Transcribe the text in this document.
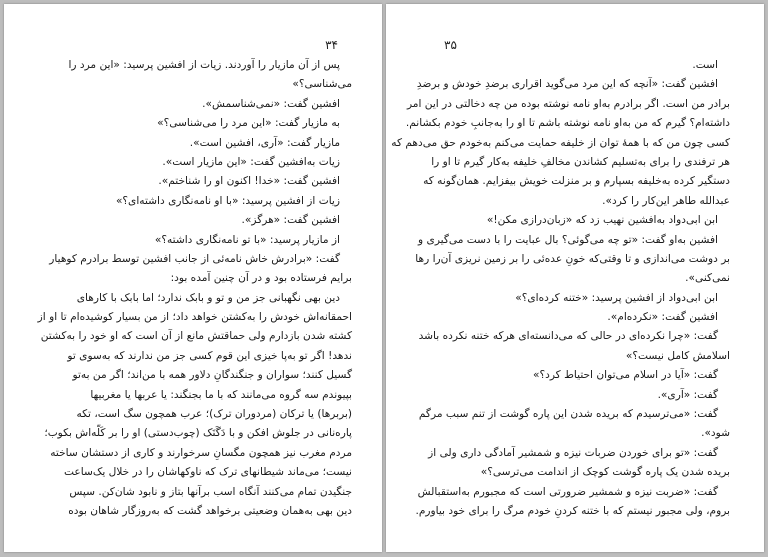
۳۴
پس از آن مازیار را آوردند. زیات از افشین پرسید: «این مرد را
می‌شناسی؟»
افشین گفت: «نمی‌شناسمش».
به مازیار گفت: «این مرد را می‌شناسی؟»
مازیار گفت: «آری، افشین است».
زیات به‌افشین گفت: «این مازیار است».
افشین گفت: «خدا! اکنون او را شناختم».
زیات از افشین پرسید: «با او نامه‌نگاری داشته‌ای؟»
افشین گفت: «هرگز».
از مازیار پرسید: «با تو نامه‌نگاری داشته؟»
گفت: «برادرش خاش نامه‌ئی از جانب افشین توسط برادرم کوهیار
برایم فرستاده بود و در آن چنین آمده بود:
دین بهی نگهبانی جز من و تو و بابک ندارد؛ اما بابک با کارهای
احمقانه‌اش خودش را به‌کشتن خواهد داد؛ از من بسیار کوشیده‌ام تا او از
کشته شدن بازدارم ولی حماقتش مانع از آن است که او خود را به‌کشتن
ندهد! اگر تو به‌پا خیزی این قوم کسی جز من ندارند که به‌سوی تو
گسیل کنند؛ سواران و جنگندگانِ دلاور همه با من‌اند؛ اگر من به‌تو
بپیوندم سه گروه می‌مانند که با ما بجنگند: یا عربها یا مغربیها
(بربرها) یا ترکان (مردوران ترک)؛ عرب همچون سگ است، تکه
پاره‌نانی در جلوش افکن و با دَگَنَک (چوب‌دستی) او را بر کَلّه‌اش بکوب؛
مردم مغرب نیز همچون مگسانِ سرخوارند و کاری از دستشان ساخته
نیست؛ می‌ماند شیطانهای ترک که ناوکهاشان را در خلال یک‌ساعت
جنگیدن تمام می‌کنند آنگاه اسب برآنها بتاز و نابود شان‌کن. سپس
دین بهی به‌همان وضعیتی برخواهد گشت که به‌روزگار شاهان بوده
۳۵
است.
افشین گفت: «آنچه که این مرد می‌گوید اقراری برضدِ خودش و برضدِ
برادر من است. اگر برادرم به‌او نامه نوشته بوده من چه دخالتی در این امر
داشته‌ام؟ گیرم که من به‌او نامه نوشته باشم تا او را به‌جانبِ خودم بکشانم.
کسی چون من که با همهٔ توان از خلیفه حمایت می‌کنم به‌خودم حق می‌دهم که
هر ترفندی را برای به‌تسلیم کشاندن مخالفِ خلیفه به‌کار گیرم تا او را
دستگیر کرده به‌خلیفه بسپارم و بر منزلت خویش بیفزایم. همان‌گونه که
عبدالله طاهر این‌کار را کرد».
ابن ابی‌دواد به‌افشین نهیب زد که «زبان‌درازی مکن!»
افشین به‌او گفت: «تو چه می‌گوئی؟ بال عبایت را با دست می‌گیری و
بر دوشت می‌اندازی و تا وقتی‌که خونِ عده‌ئی را بر زمین نریزی آن‌را رها
نمی‌کنی».
ابن ابی‌دواد از افشین پرسید: «ختنه کرده‌ای؟»
افشین گفت: «نکرده‌ام».
گفت: «چرا نکرده‌ای در حالی که می‌دانسته‌ای هرکه ختنه نکرده باشد
اسلامش کامل نیست؟»
گفت: «آیا در اسلام می‌توان احتیاط کرد؟»
گفت: «آری».
گفت: «می‌ترسیدم که بریده شدن این پاره گوشت از تنم سبب مرگم
شود».
گفت: «تو برای خوردن ضربات نیزه و شمشیر آمادگی داری ولی از
بریده شدن یک پاره گوشت کوچک از اندامت می‌ترسی؟»
گفت: «ضربت نیزه و شمشیر ضرورتی است که مجبورم به‌استقبالش
بروم، ولی مجبور نیستم که با ختنه کردنِ خودم مرگ را برای خود بیاورم.
